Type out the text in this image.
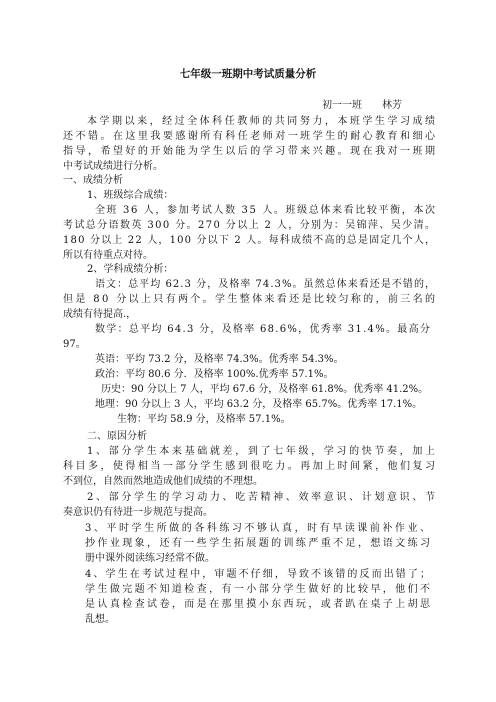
七年级一班期中考试质量分析
初一一班　　林芳
本学期以来，经过全体科任教师的共同努力，本班学生学习成绩
还不错。在这里我要感谢所有科任老师对一班学生的耐心教育和细心
指导，希望好的开始能为学生以后的学习带来兴趣。现在我对一班期
中考试成绩进行分析。
一、成绩分析
1、班级综合成绩：
全班 36 人，参加考试人数 35 人。班级总体来看比较平衡，本次
考试总分语数英 300 分。270 分以上 2 人，分别为：吴锦萍、吴少清。
180 分以上 22 人，100 分以下 2 人。每科成绩不高的总是固定几个人，
所以有待重点对待。
2、学科成绩分析：
语文：总平均 62.3 分，及格率 74.3%。虽然总体来看还是不错的，
但是 80 分以上只有两个。学生整体来看还是比较匀称的，前三名的
成绩有待提高.，
数学：总平均 64.3 分，及格率 68.6%，优秀率 31.4%。最高分
97。
英语：平均 73.2 分，及格率 74.3%。优秀率 54.3%。
政治：平均 80.6 分．及格率 100%.优秀率 57.1%。
历史：90 分以上 7 人，平均 67.6 分，及格率 61.8%。优秀率 41.2%。
地理：90 分以上 3 人，平均 63.2 分，及格率 65.7%。优秀率 17.1%。
生物：平均 58.9 分，及格率 57.1%。
二、原因分析
1、部分学生本来基础就差，到了七年级，学习的快节奏，加上
科目多，使得相当一部分学生感到很吃力。再加上时间紧，他们复习
不到位，自然而然地造成他们成绩的不理想。
2、部分学生的学习动力、吃苦精神、效率意识、计划意识、节
奏意识仍有待进一步规范与提高。
3、平时学生所做的各科练习不够认真，时有早读课前补作业、
抄作业现象，还有一些学生拓展题的训练严重不足，想语文练习
册中课外阅读练习经常不做。
4、学生在考试过程中，审题不仔细，导致不该错的反而出错了；
学生做完题不知道检查，有一小部分学生做好的比较早，他们不
是认真检查试卷，而是在那里摸小东西玩，或者趴在桌子上胡思
乱想。
